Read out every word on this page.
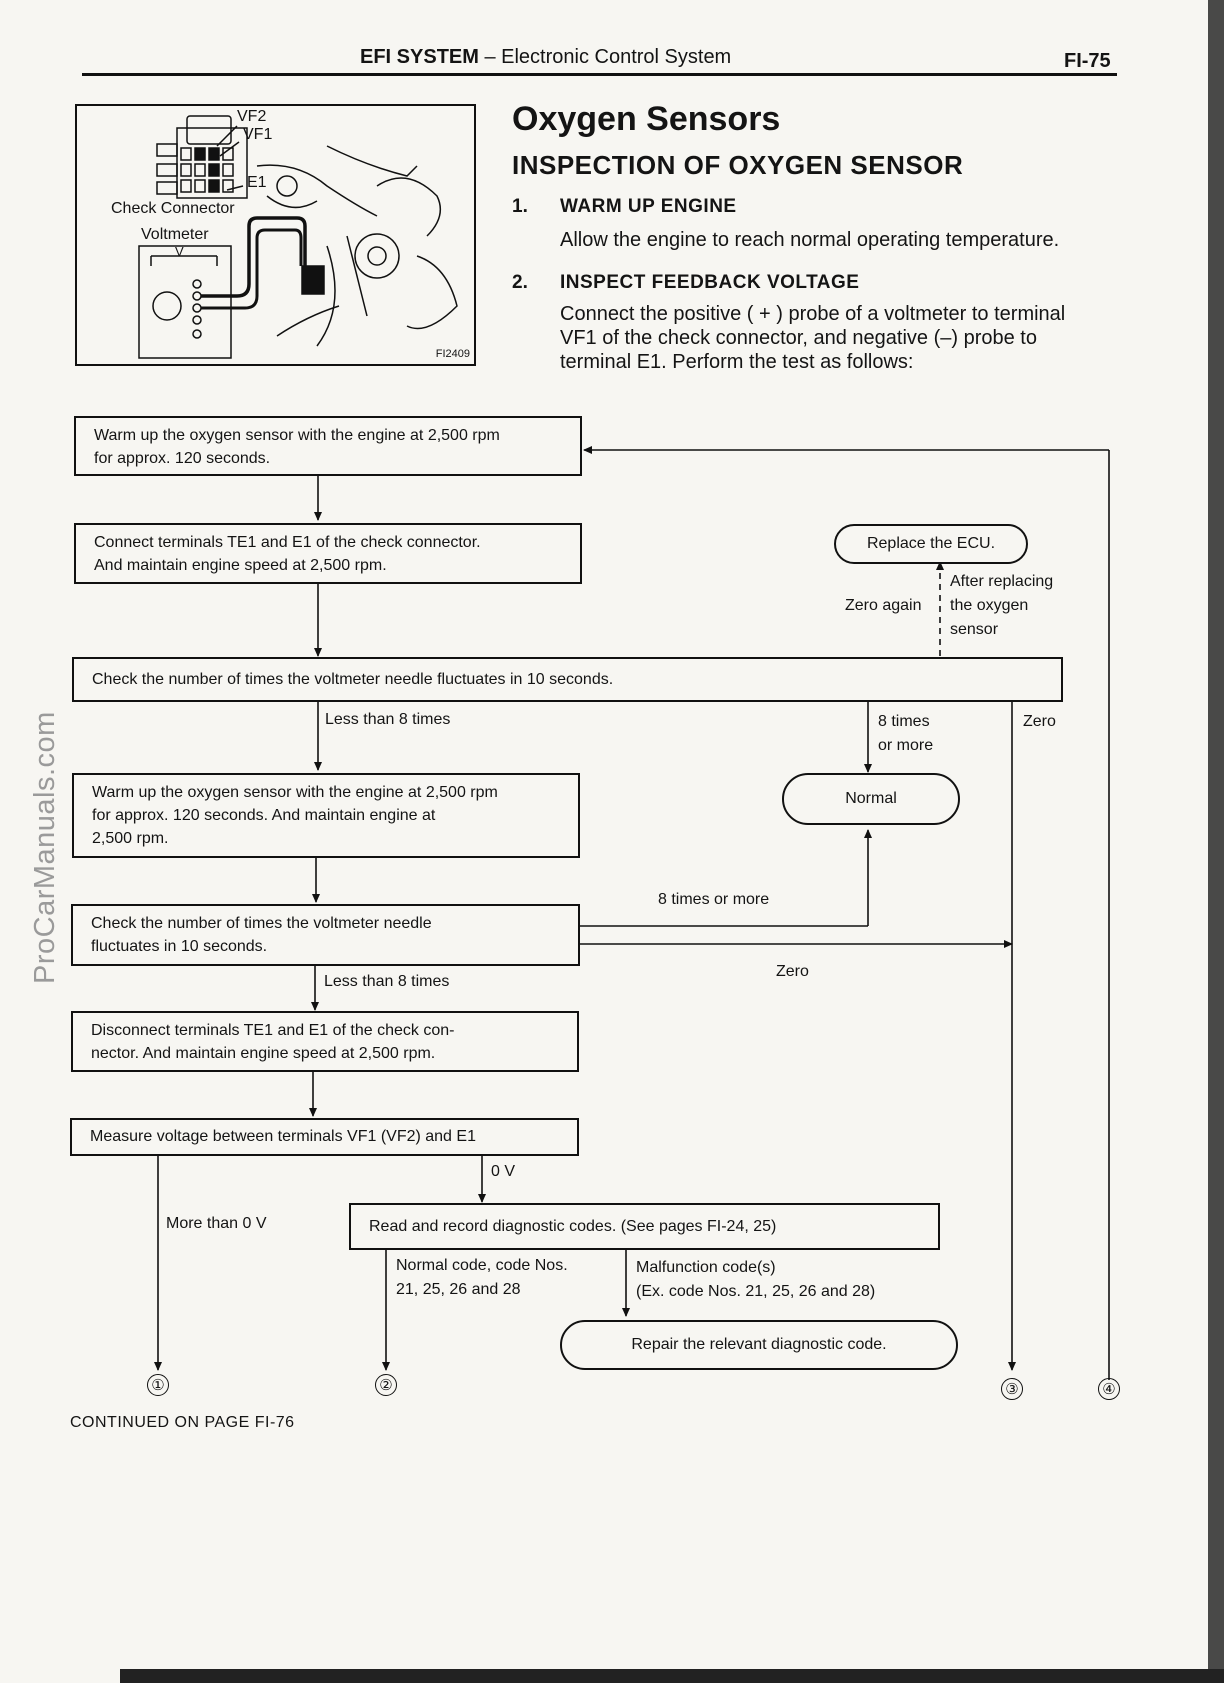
EFI SYSTEM – Electronic Control System	FI-75
ProCarManuals.com
VF2
VF1
E1
Check Connector
Voltmeter
V
FI2409
Oxygen Sensors
INSPECTION OF OXYGEN SENSOR
1. WARM UP ENGINE
Allow the engine to reach normal operating temperature.
2. INSPECT FEEDBACK VOLTAGE
Connect the positive ( + ) probe of a voltmeter to terminal
VF1 of the check connector, and negative (–) probe to
terminal E1. Perform the test as follows:
Warm up the oxygen sensor with the engine at 2,500 rpm
for approx. 120 seconds.
Connect terminals TE1 and E1 of the check connector.
And maintain engine speed at 2,500 rpm.
Replace the ECU.
After replacing
the oxygen
sensor
Zero again
Check the number of times the voltmeter needle fluctuates in 10 seconds.
Less than 8 times	8 times
or more
Zero
Warm up the oxygen sensor with the engine at 2,500 rpm
for approx. 120 seconds. And maintain engine at
2,500 rpm.
Normal
8 times or more
Check the number of times the voltmeter needle
fluctuates in 10 seconds.
Zero
Less than 8 times
Disconnect terminals TE1 and E1 of the check con-
nector. And maintain engine speed at 2,500 rpm.
Measure voltage between terminals VF1 (VF2) and E1
0 V
More than 0 V	Read and record diagnostic codes. (See pages FI-24, 25)
Normal code, code Nos.
21, 25, 26 and 28
Malfunction code(s)
(Ex. code Nos. 21, 25, 26 and 28)
Repair the relevant diagnostic code.
①	②	③	④
CONTINUED ON PAGE FI-76
